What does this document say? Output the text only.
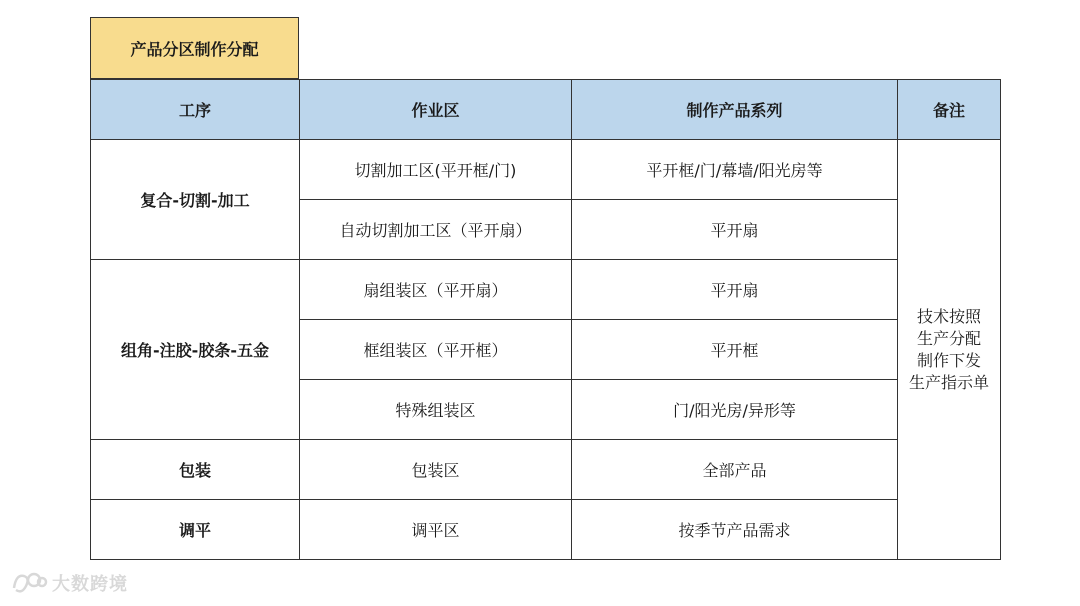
产品分区制作分配
工序	作业区	制作产品系列	备注
复合-切割-加工	切割加工区(平开框/门)	平开框/门/幕墙/阳光房等	技术按照
生产分配
制作下发
生产指示单

	自动切割加工区（平开扇）	平开扇	
组角-注胶-胶条-五金	扇组装区（平开扇）	平开扇	
	框组装区（平开框）	平开框	
	特殊组装区	门/阳光房/异形等	
包装	包装区	全部产品	
调平	调平区	按季节产品需求	
大数跨境
